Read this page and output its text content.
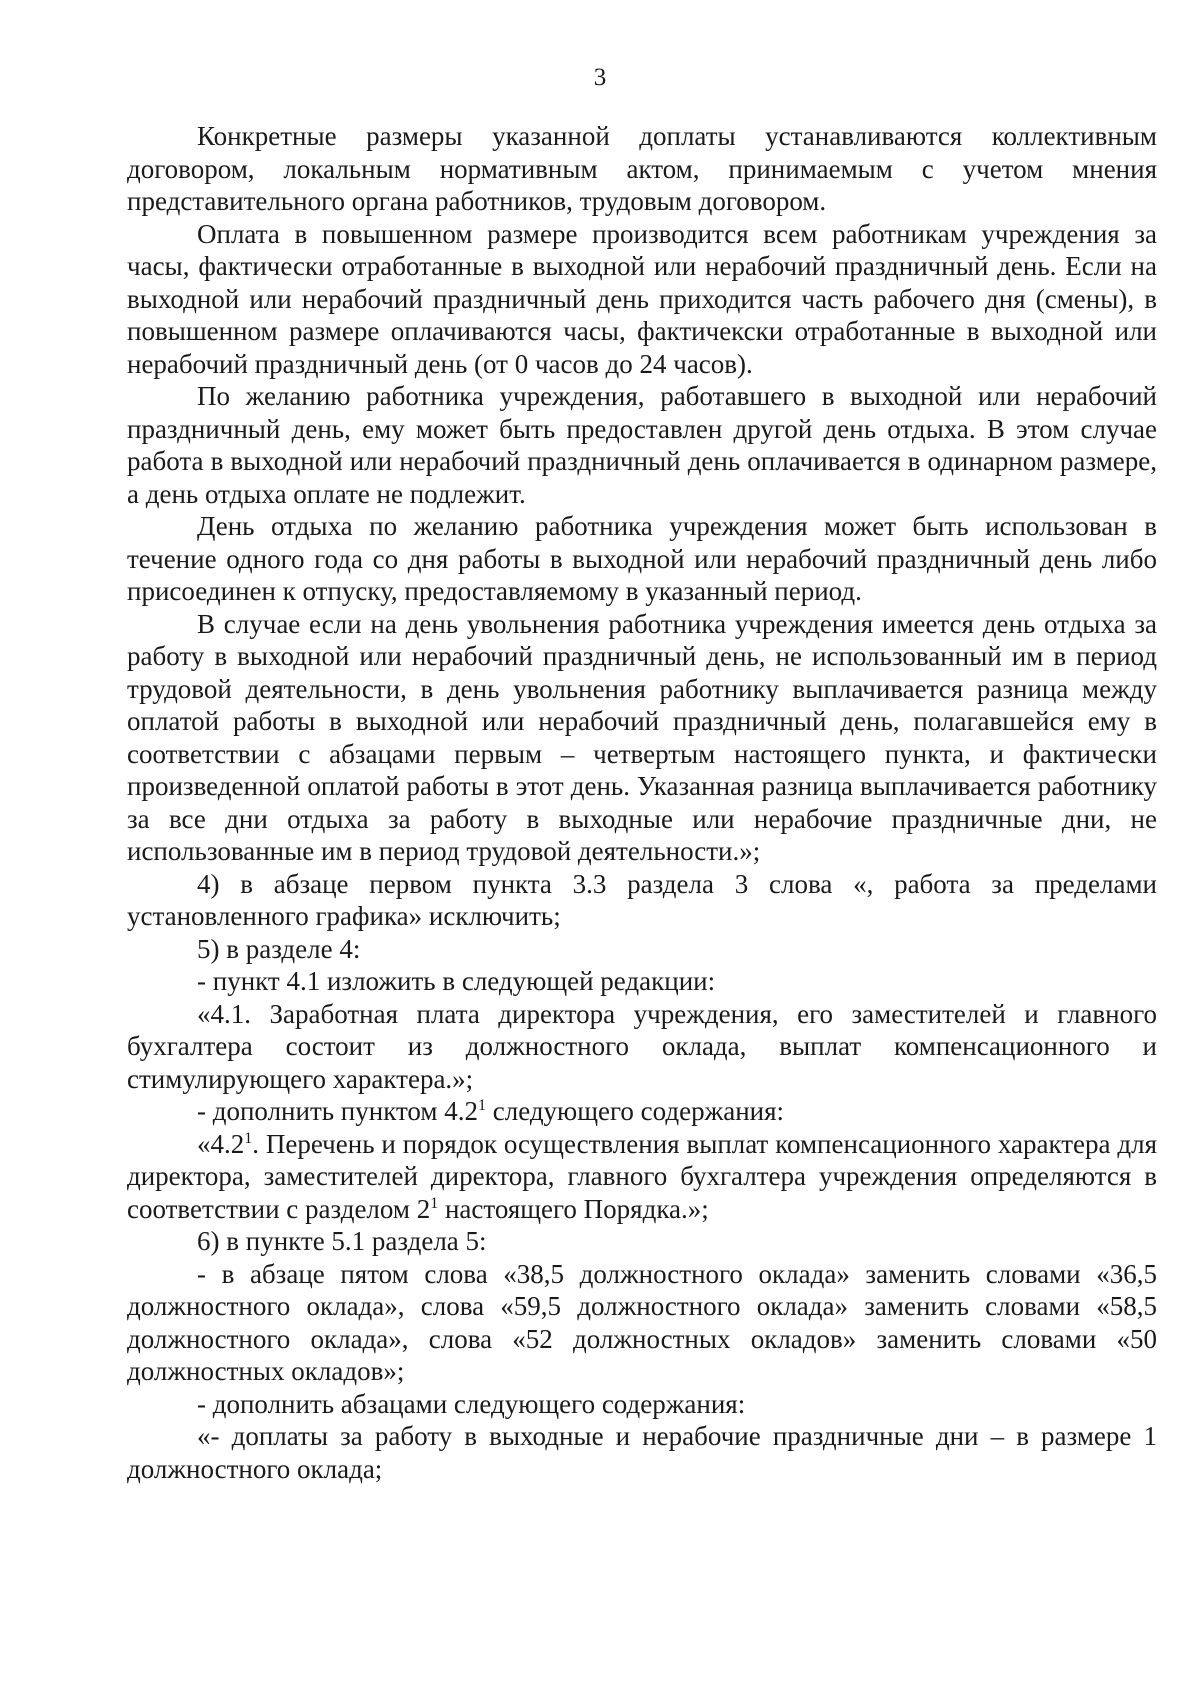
3

Конкретные размеры указанной доплаты устанавливаются коллективным договором, локальным нормативным актом, принимаемым с учетом мнения представительного органа работников, трудовым договором.

Оплата в повышенном размере производится всем работникам учреждения за часы, фактически отработанные в выходной или нерабочий праздничный день. Если на выходной или нерабочий праздничный день приходится часть рабочего дня (смены), в повышенном размере оплачиваются часы, фактичекски отработанные в выходной или нерабочий праздничный день (от 0 часов до 24 часов).

По желанию работника учреждения, работавшего в выходной или нерабочий праздничный день, ему может быть предоставлен другой день отдыха. В этом случае работа в выходной или нерабочий праздничный день оплачивается в одинарном размере, а день отдыха оплате не подлежит.

День отдыха по желанию работника учреждения может быть использован в течение одного года со дня работы в выходной или нерабочий праздничный день либо присоединен к отпуску, предоставляемому в указанный период.

В случае если на день увольнения работника учреждения имеется день отдыха за работу в выходной или нерабочий праздничный день, не использованный им в период трудовой деятельности, в день увольнения работнику выплачивается разница между оплатой работы в выходной или нерабочий праздничный день, полагавшейся ему в соответствии с абзацами первым – четвертым настоящего пункта, и фактически произведенной оплатой работы в этот день. Указанная разница выплачивается работнику за все дни отдыха за работу в выходные или нерабочие праздничные дни, не использованные им в период трудовой деятельности.»;

4) в абзаце первом пункта 3.3 раздела 3 слова «, работа за пределами установленного графика» исключить;

5) в разделе 4:

- пункт 4.1 изложить в следующей редакции:

«4.1. Заработная плата директора учреждения, его заместителей и главного бухгалтера состоит из должностного оклада, выплат компенсационного и стимулирующего характера.»;

- дополнить пунктом $4.2^1$ следующего содержания:

«$4.2^1$. Перечень и порядок осуществления выплат компенсационного характера для директора, заместителей директора, главного бухгалтера учреждения определяются в соответствии с разделом $2^1$ настоящего Порядка.»;

6) в пункте 5.1 раздела 5:

- в абзаце пятом слова «38,5 должностного оклада» заменить словами «36,5 должностного оклада», слова «59,5 должностного оклада» заменить словами «58,5 должностного оклада», слова «52 должностных окладов» заменить словами «50 должностных окладов»;

- дополнить абзацами следующего содержания:

«- доплаты за работу в выходные и нерабочие праздничные дни – в размере 1 должностного оклада;
